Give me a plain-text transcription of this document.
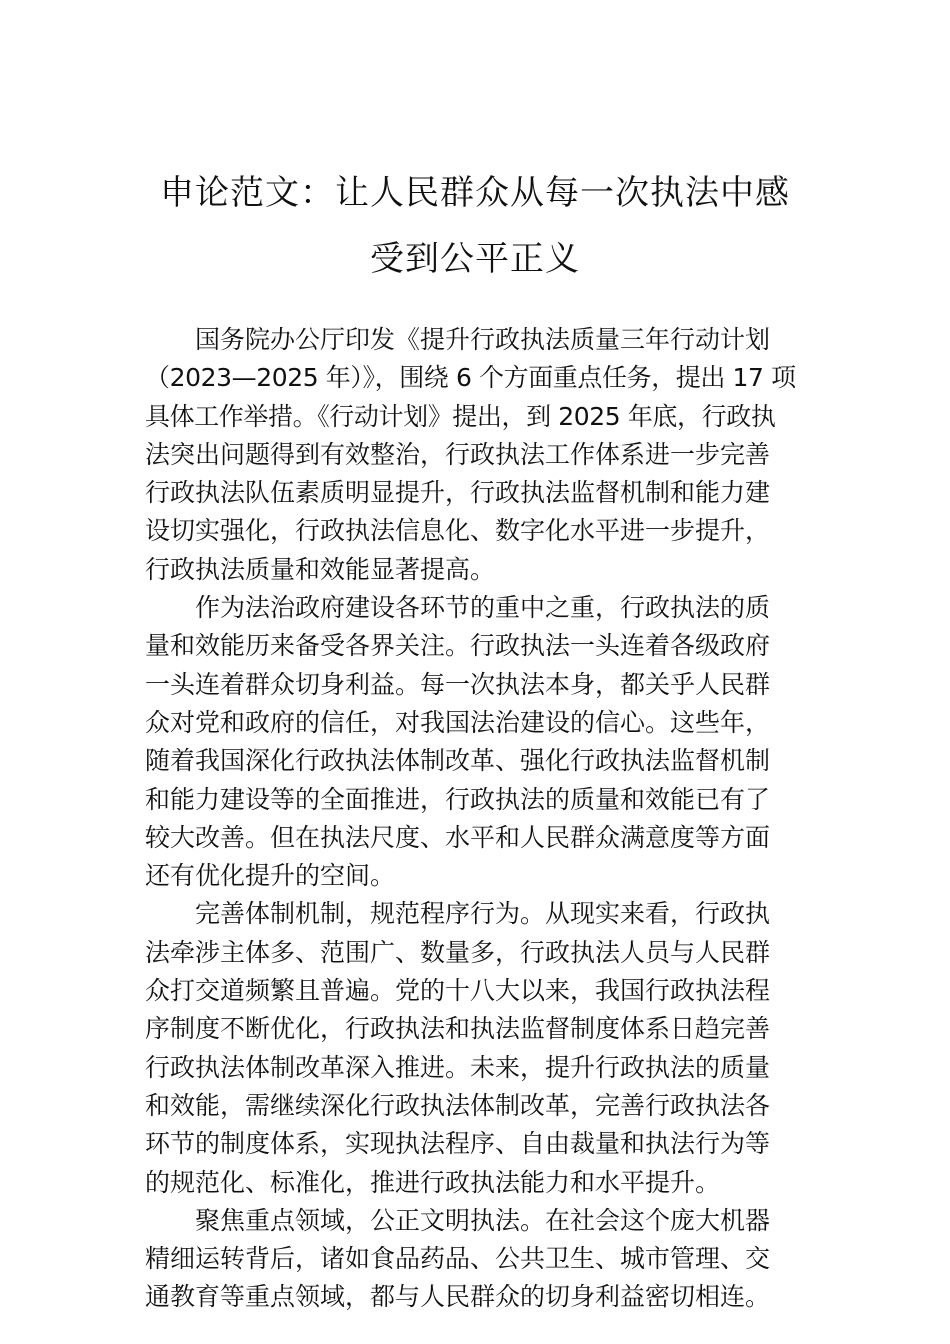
申论范文：让人民群众从每一次执法中感
受到公平正义
国务院办公厅印发《提升行政执法质量三年行动计划
（2023—2025 年）》，围绕 6 个方面重点任务，提出 17 项
具体工作举措。《行动计划》提出，到 2025 年底，行政执
法突出问题得到有效整治，行政执法工作体系进一步完善
行政执法队伍素质明显提升，行政执法监督机制和能力建
设切实强化，行政执法信息化、数字化水平进一步提升，
行政执法质量和效能显著提高。
作为法治政府建设各环节的重中之重，行政执法的质
量和效能历来备受各界关注。行政执法一头连着各级政府
一头连着群众切身利益。每一次执法本身，都关乎人民群
众对党和政府的信任，对我国法治建设的信心。这些年，
随着我国深化行政执法体制改革、强化行政执法监督机制
和能力建设等的全面推进，行政执法的质量和效能已有了
较大改善。但在执法尺度、水平和人民群众满意度等方面
还有优化提升的空间。
完善体制机制，规范程序行为。从现实来看，行政执
法牵涉主体多、范围广、数量多，行政执法人员与人民群
众打交道频繁且普遍。党的十八大以来，我国行政执法程
序制度不断优化，行政执法和执法监督制度体系日趋完善
行政执法体制改革深入推进。未来，提升行政执法的质量
和效能，需继续深化行政执法体制改革，完善行政执法各
环节的制度体系，实现执法程序、自由裁量和执法行为等
的规范化、标准化，推进行政执法能力和水平提升。
聚焦重点领域，公正文明执法。在社会这个庞大机器
精细运转背后，诸如食品药品、公共卫生、城市管理、交
通教育等重点领域，都与人民群众的切身利益密切相连。
